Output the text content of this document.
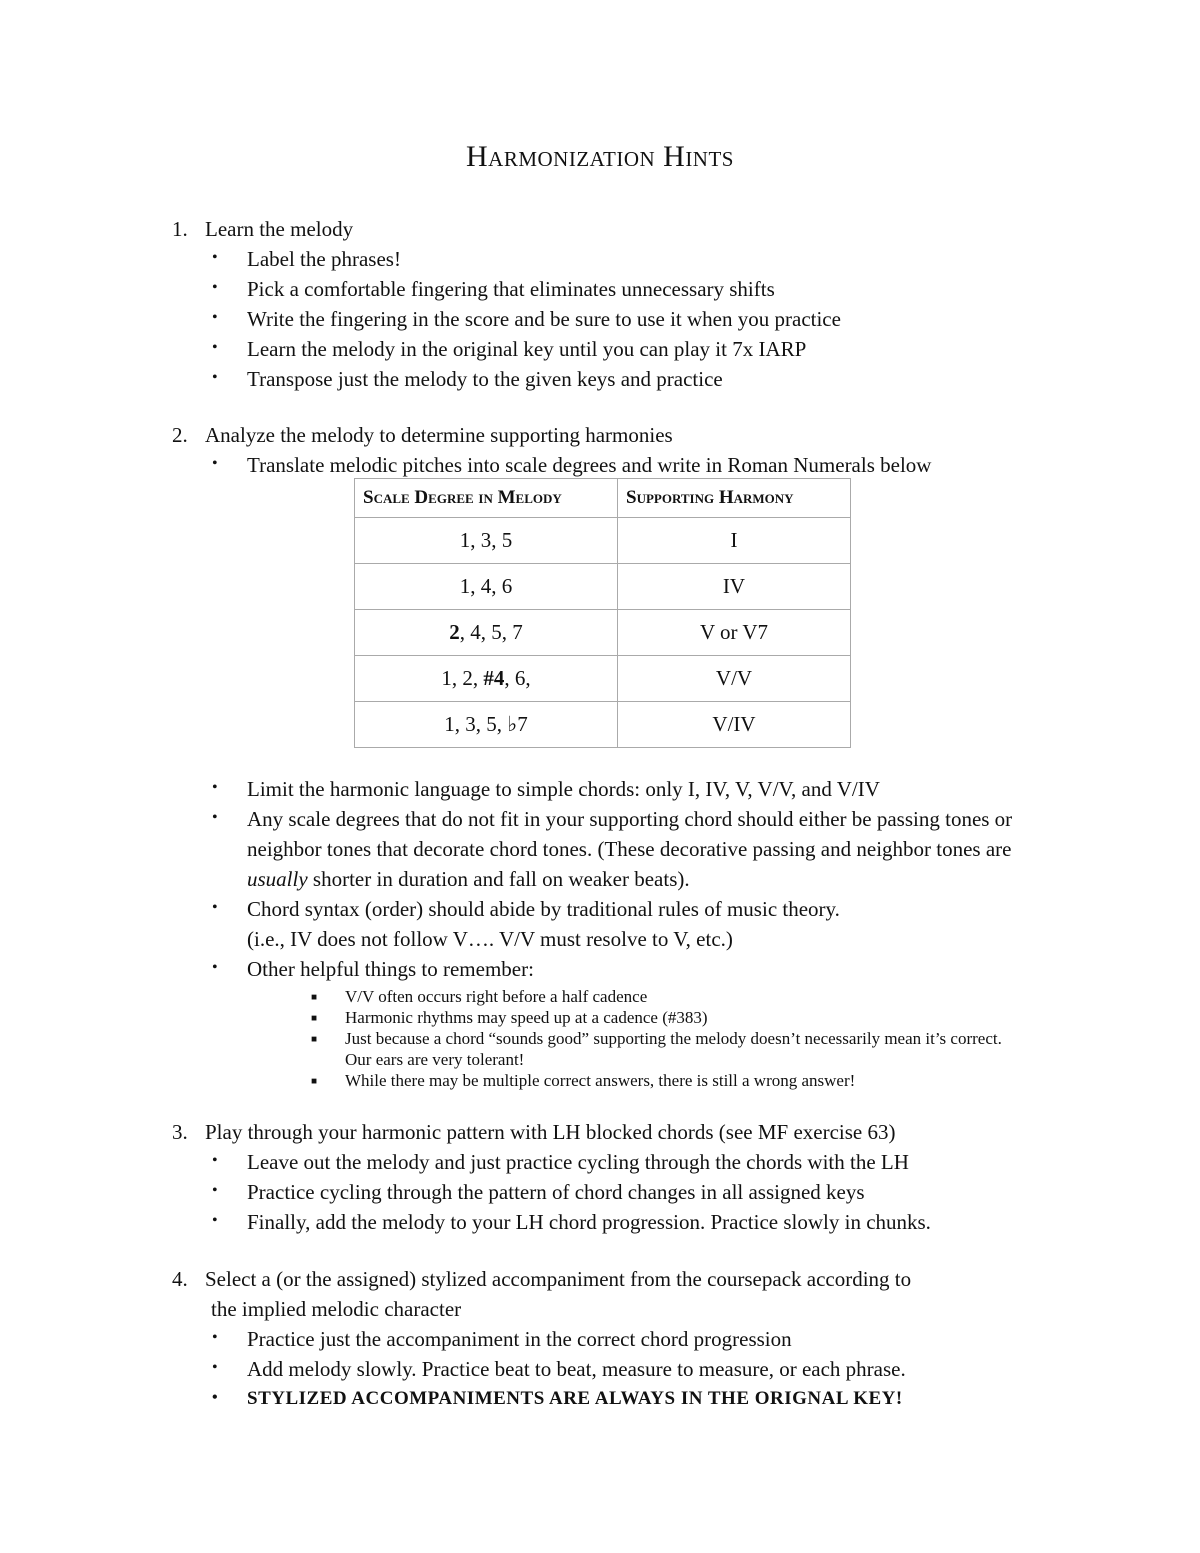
Harmonization Hints
1. Learn the melody
• Label the phrases!
• Pick a comfortable fingering that eliminates unnecessary shifts
• Write the fingering in the score and be sure to use it when you practice
• Learn the melody in the original key until you can play it 7x IARP
• Transpose just the melody to the given keys and practice
2. Analyze the melody to determine supporting harmonies
• Translate melodic pitches into scale degrees and write in Roman Numerals below
Scale Degree in Melody	Supporting Harmony
1, 3, 5	I
1, 4, 6	IV
2, 4, 5, 7	V or V7
1, 2, #4, 6,	V/V
1, 3, 5, ♭7	V/IV
• Limit the harmonic language to simple chords: only I, IV, V, V/V, and V/IV
• Any scale degrees that do not fit in your supporting chord should either be passing tones or neighbor tones that decorate chord tones. (These decorative passing and neighbor tones are usually shorter in duration and fall on weaker beats).
• Chord syntax (order) should abide by traditional rules of music theory.
(i.e., IV does not follow V…. V/V must resolve to V, etc.)
• Other helpful things to remember:
■ V/V often occurs right before a half cadence
■ Harmonic rhythms may speed up at a cadence (#383)
■ Just because a chord “sounds good” supporting the melody doesn’t necessarily mean it’s correct. Our ears are very tolerant!
■ While there may be multiple correct answers, there is still a wrong answer!
3. Play through your harmonic pattern with LH blocked chords (see MF exercise 63)
• Leave out the melody and just practice cycling through the chords with the LH
• Practice cycling through the pattern of chord changes in all assigned keys
• Finally, add the melody to your LH chord progression. Practice slowly in chunks.
4. Select a (or the assigned) stylized accompaniment from the coursepack according to
the implied melodic character
• Practice just the accompaniment in the correct chord progression
• Add melody slowly. Practice beat to beat, measure to measure, or each phrase.
• STYLIZED ACCOMPANIMENTS ARE ALWAYS IN THE ORIGNAL KEY!
